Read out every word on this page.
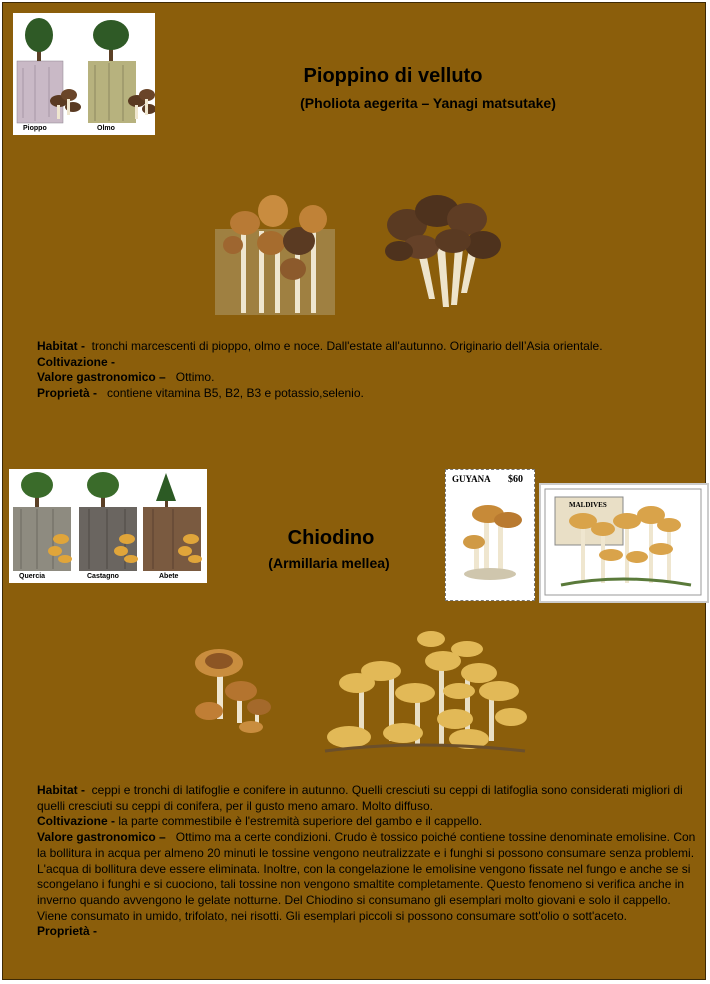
Pioppo	Olmo
Pioppino di velluto
(Pholiota aegerita – Yanagi matsutake)
Habitat - tronchi marcescenti di pioppo, olmo e noce. Dall'estate all'autunno. Originario dell’Asia orientale.
Coltivazione -
Valore gastronomico – Ottimo.
Proprietà - contiene vitamina B5, B2, B3 e potassio,selenio.
Quercia	Castagno	Abete
Chiodino
(Armillaria mellea)
GUYANA $60
MALDIVES
Habitat - ceppi e tronchi di latifoglie e conifere in autunno. Quelli cresciuti su ceppi di latifoglia sono considerati migliori di quelli cresciuti su ceppi di conifera, per il gusto meno amaro. Molto diffuso.
Coltivazione - la parte commestibile è l'estremità superiore del gambo e il cappello.
Valore gastronomico – Ottimo ma a certe condizioni. Crudo è tossico poiché contiene tossine denominate emolisine. Con la bollitura in acqua per almeno 20 minuti le tossine vengono neutralizzate e i funghi si possono consumare senza problemi. L'acqua di bollitura deve essere eliminata. Inoltre, con la congelazione le emolisine vengono fissate nel fungo e anche se si scongelano i funghi e si cuociono, tali tossine non vengono smaltite completamente. Questo fenomeno si verifica anche in inverno quando avvengono le gelate notturne. Del Chiodino si consumano gli esemplari molto giovani e solo il cappello. Viene consumato in umido, trifolato, nei risotti. Gli esemplari piccoli si possono consumare sott'olio o sott'aceto.
Proprietà -
